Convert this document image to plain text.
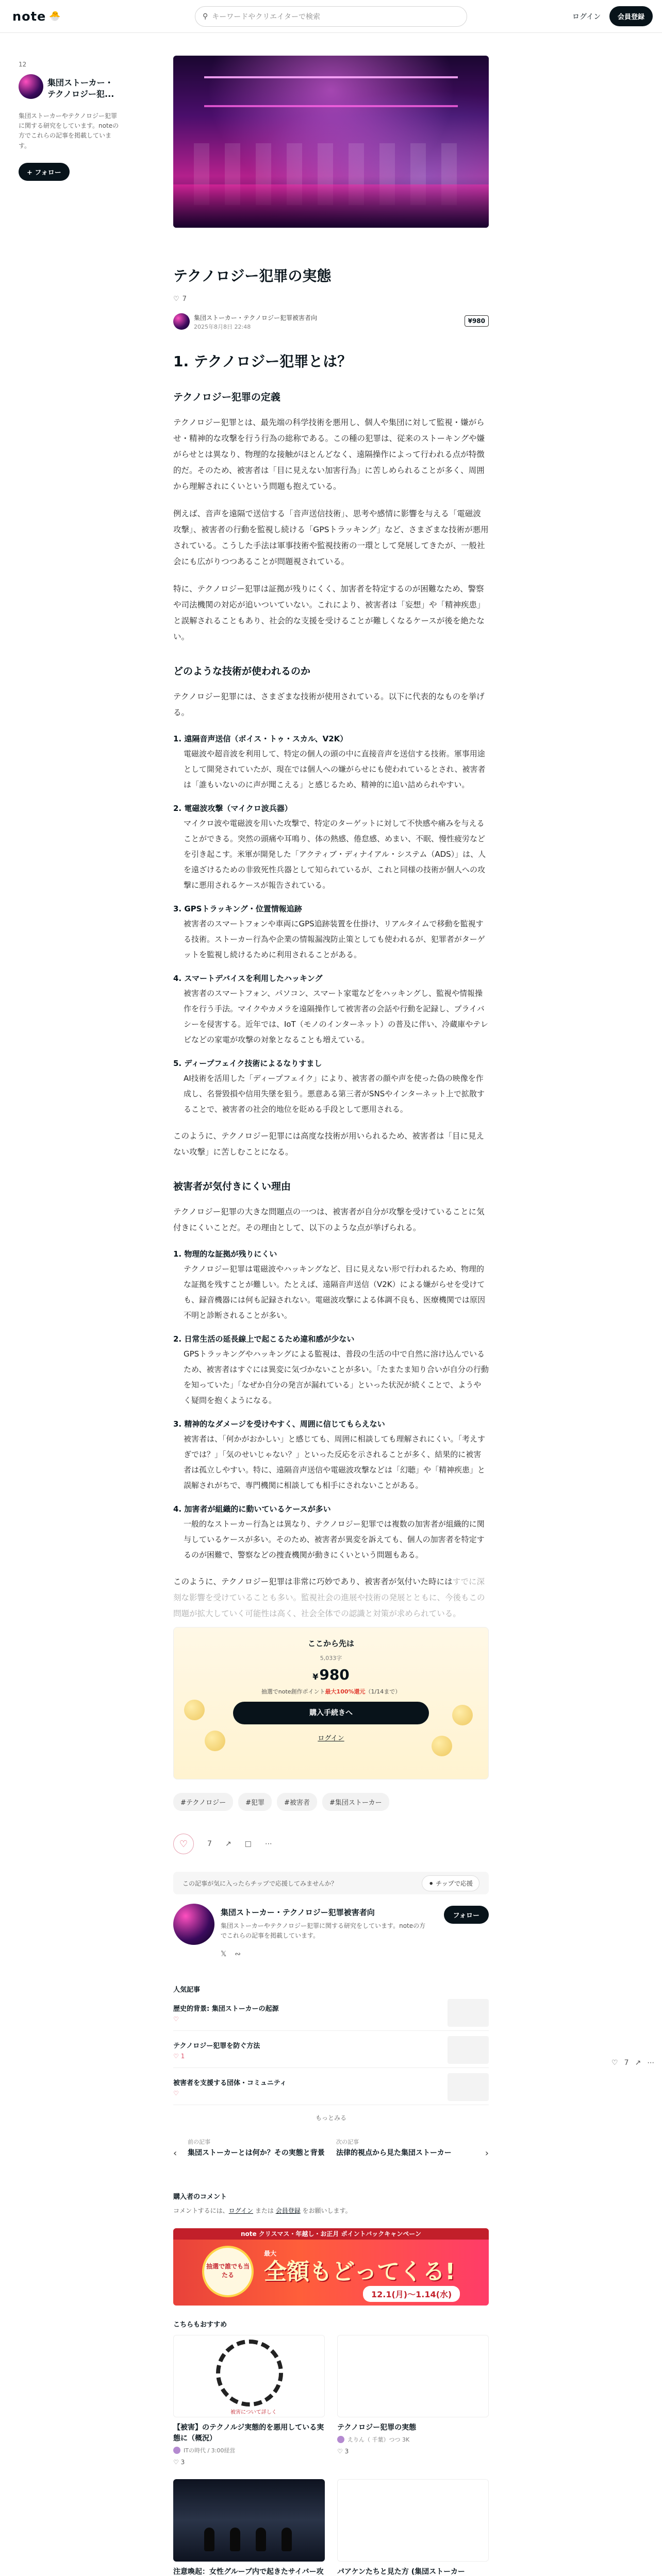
note 🐣	⚲ キーワードやクリエイターで検索	ログイン	会員登録
12
集団ストーカー・テクノロジー犯...
集団ストーカーやテクノロジー犯罪に関する研究をしています。noteの方でこれらの記事を掲載しています。
+ フォロー
テクノロジー犯罪の実態
♡ 7
集団ストーカー・テクノロジー犯罪被害者向
2025年8月8日 22:48
¥980
1. テクノロジー犯罪とは？
テクノロジー犯罪の定義

テクノロジー犯罪とは、最先端の科学技術を悪用し、個人や集団に対して監視・嫌がらせ・精神的な攻撃を行う行為の総称である。この種の犯罪は、従来のストーキングや嫌がらせとは異なり、物理的な接触がほとんどなく、遠隔操作によって行われる点が特徴的だ。そのため、被害者は「目に見えない加害行為」に苦しめられることが多く、周囲から理解されにくいという問題も抱えている。

例えば、音声を遠隔で送信する「音声送信技術」、思考や感情に影響を与える「電磁波攻撃」、被害者の行動を監視し続ける「GPSトラッキング」など、さまざまな技術が悪用されている。こうした手法は軍事技術や監視技術の一環として発展してきたが、一般社会にも広がりつつあることが問題視されている。

特に、テクノロジー犯罪は証拠が残りにくく、加害者を特定するのが困難なため、警察や司法機関の対応が追いついていない。これにより、被害者は「妄想」や「精神疾患」と誤解されることもあり、社会的な支援を受けることが難しくなるケースが後を絶たない。

どのような技術が使われるのか

テクノロジー犯罪には、さまざまな技術が使用されている。以下に代表的なものを挙げる。

1. 遠隔音声送信（ボイス・トゥ・スカル、V2K）
電磁波や超音波を利用して、特定の個人の頭の中に直接音声を送信する技術。軍事用途として開発されていたが、現在では個人への嫌がらせにも使われているとされ、被害者は「誰もいないのに声が聞こえる」と感じるため、精神的に追い詰められやすい。
2. 電磁波攻撃（マイクロ波兵器）
マイクロ波や電磁波を用いた攻撃で、特定のターゲットに対して不快感や痛みを与えることができる。突然の頭痛や耳鳴り、体の熱感、倦怠感、めまい、不眠、慢性疲労などを引き起こす。米軍が開発した「アクティブ・ディナイアル・システム（ADS）」は、人を遠ざけるための非致死性兵器として知られているが、これと同様の技術が個人への攻撃に悪用されるケースが報告されている。
3. GPSトラッキング・位置情報追跡
被害者のスマートフォンや車両にGPS追跡装置を仕掛け、リアルタイムで移動を監視する技術。ストーカー行為や企業の情報漏洩防止策としても使われるが、犯罪者がターゲットを監視し続けるために利用されることがある。
4. スマートデバイスを利用したハッキング
被害者のスマートフォン、パソコン、スマート家電などをハッキングし、監視や情報操作を行う手法。マイクやカメラを遠隔操作して被害者の会話や行動を記録し、プライバシーを侵害する。近年では、IoT（モノのインターネット）の普及に伴い、冷蔵庫やテレビなどの家電が攻撃の対象となることも増えている。
5. ディープフェイク技術によるなりすまし
AI技術を活用した「ディープフェイク」により、被害者の顔や声を使った偽の映像を作成し、名誉毀損や信用失墜を狙う。悪意ある第三者がSNSやインターネット上で拡散することで、被害者の社会的地位を貶める手段として悪用される。

このように、テクノロジー犯罪には高度な技術が用いられるため、被害者は「目に見えない攻撃」に苦しむことになる。

被害者が気付きにくい理由

テクノロジー犯罪の大きな問題点の一つは、被害者が自分が攻撃を受けていることに気付きにくいことだ。その理由として、以下のような点が挙げられる。

1. 物理的な証拠が残りにくい
テクノロジー犯罪は電磁波やハッキングなど、目に見えない形で行われるため、物理的な証拠を残すことが難しい。たとえば、遠隔音声送信（V2K）による嫌がらせを受けても、録音機器には何も記録されない。電磁波攻撃による体調不良も、医療機関では原因不明と診断されることが多い。
2. 日常生活の延長線上で起こるため違和感が少ない
GPSトラッキングやハッキングによる監視は、普段の生活の中で自然に溶け込んでいるため、被害者はすぐには異変に気づかないことが多い。「たまたま知り合いが自分の行動を知っていた」「なぜか自分の発言が漏れている」といった状況が続くことで、ようやく疑問を抱くようになる。
3. 精神的なダメージを受けやすく、周囲に信じてもらえない
被害者は、「何かがおかしい」と感じても、周囲に相談しても理解されにくい。「考えすぎでは？」「気のせいじゃない？」といった反応を示されることが多く、結果的に被害者は孤立しやすい。特に、遠隔音声送信や電磁波攻撃などは「幻聴」や「精神疾患」と誤解されがちで、専門機関に相談しても相手にされないことがある。
4. 加害者が組織的に動いているケースが多い
一般的なストーカー行為とは異なり、テクノロジー犯罪では複数の加害者が組織的に関与しているケースが多い。そのため、被害者が異変を訴えても、個人の加害者を特定するのが困難で、警察などの捜査機関が動きにくいという問題もある。

このように、テクノロジー犯罪は非常に巧妙であり、被害者が気付いた時にはすでに深刻な影響を受けていることも多い。監視社会の進展や技術の発展とともに、今後もこの問題が拡大していく可能性は高く、社会全体での認識と対策が求められている。

ここから先は
5,033字
¥980
抽選でnote創作ポイント最大100%還元（1/14まで）
購入手続きへ
ログイン
#テクノロジー	#犯罪	#被害者	#集団ストーカー
♡	7 ↗ □ ⋯
この記事が気に入ったらチップで応援してみませんか？	⚫ チップで応援
集団ストーカー・テクノロジー犯罪被害者向
集団ストーカーやテクノロジー犯罪に関する研究をしています。noteの方でこれらの記事を掲載しています。
フォロー
𝕏 ∾
人気記事
歴史的背景: 集団ストーカーの起源
♡
テクノロジー犯罪を防ぐ方法
♡ 1
被害者を支援する団体・コミュニティ
♡
もっとみる
‹
前の記事
集団ストーカーとは何か？その実態と背景	›
次の記事
法律的視点から見た集団ストーカー
購入者のコメント
コメントするには、ログイン または 会員登録 をお願いします。
note クリスマス・年越し・お正月 ポイントバックキャンペーン
抽選で誰でも当たる
最大
全額もどってくる!
12.1(月)〜1.14(水)
こちらもおすすめ
被害について詳しく
【被害】のテクノルジ実態的を悪用している実態に（概況）
ITの時代 / 3:00経営
♡ 3
テクノロジー犯罪の実態
えりん（ 千葉）つつ 3K
♡ 3
注意喚起：女性グループ内で起きたサイバー攻 パアケンたちと見た方 (集団ストーカー
♡ 7 ↗ ⋯
